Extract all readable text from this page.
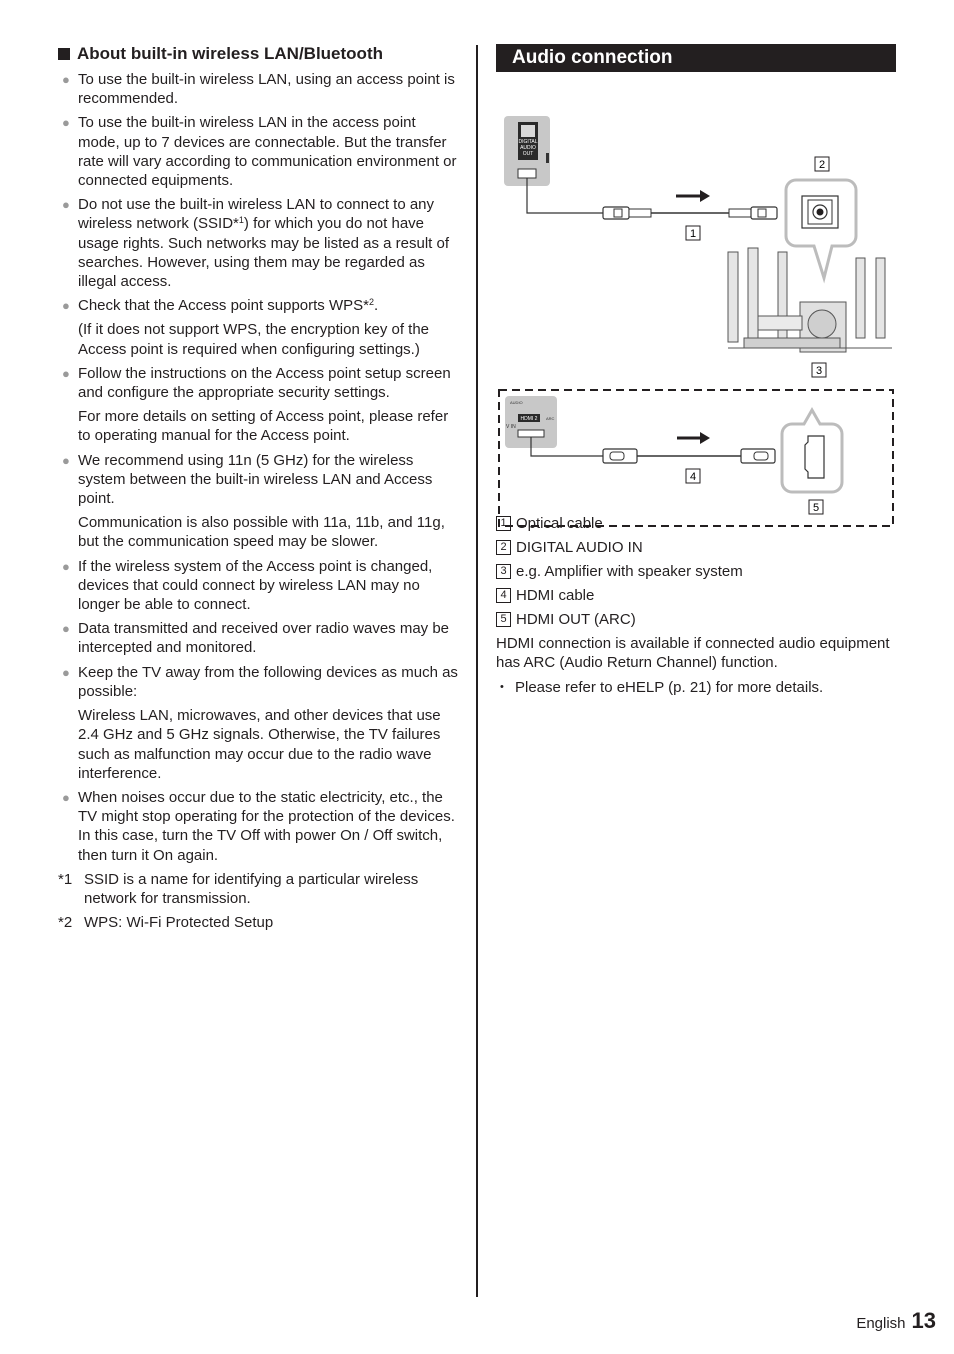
About built-in wireless LAN/Bluetooth
● To use the built-in wireless LAN, using an access point is recommended.

● To use the built-in wireless LAN in the access point mode, up to 7 devices are connectable. But the transfer rate will vary according to communication environment or connected equipments.

● Do not use the built-in wireless LAN to connect to any wireless network (SSID*$^1$) for which you do not have usage rights. Such networks may be listed as a result of searches. However, using them may be regarded as illegal access.

● Check that the Access point supports WPS*$^2$.

(If it does not support WPS, the encryption key of the Access point is required when configuring settings.)

● Follow the instructions on the Access point setup screen and configure the appropriate security settings.

For more details on setting of Access point, please refer to operating manual for the Access point.

● We recommend using 11n (5 GHz) for the wireless system between the built-in wireless LAN and Access point.

Communication is also possible with 11a, 11b, and 11g, but the communication speed may be slower.

● If the wireless system of the Access point is changed, devices that could connect by wireless LAN may no longer be able to connect.

● Data transmitted and received over radio waves may be intercepted and monitored.

● Keep the TV away from the following devices as much as possible:

Wireless LAN, microwaves, and other devices that use 2.4 GHz and 5 GHz signals. Otherwise, the TV failures such as malfunction may occur due to the radio wave interference.

● When noises occur due to the static electricity, etc., the TV might stop operating for the protection of the devices. In this case, turn the TV Off with power On / Off switch, then turn it On again.

*1 SSID is a name for identifying a particular wireless network for transmission.
*2 WPS: Wi-Fi Protected Setup
Audio connection
DIGITAL
AUDIO
OUT
1
2
3
AUDIO
V IN
HDMI 2 ARC
4
5
1 Optical cable
2 DIGITAL AUDIO IN
3 e.g. Amplifier with speaker system
4 HDMI cable
5 HDMI OUT (ARC)

HDMI connection is available if connected audio equipment has ARC (Audio Return Channel) function.

• Please refer to eHELP (p. 21) for more details.

English 13
